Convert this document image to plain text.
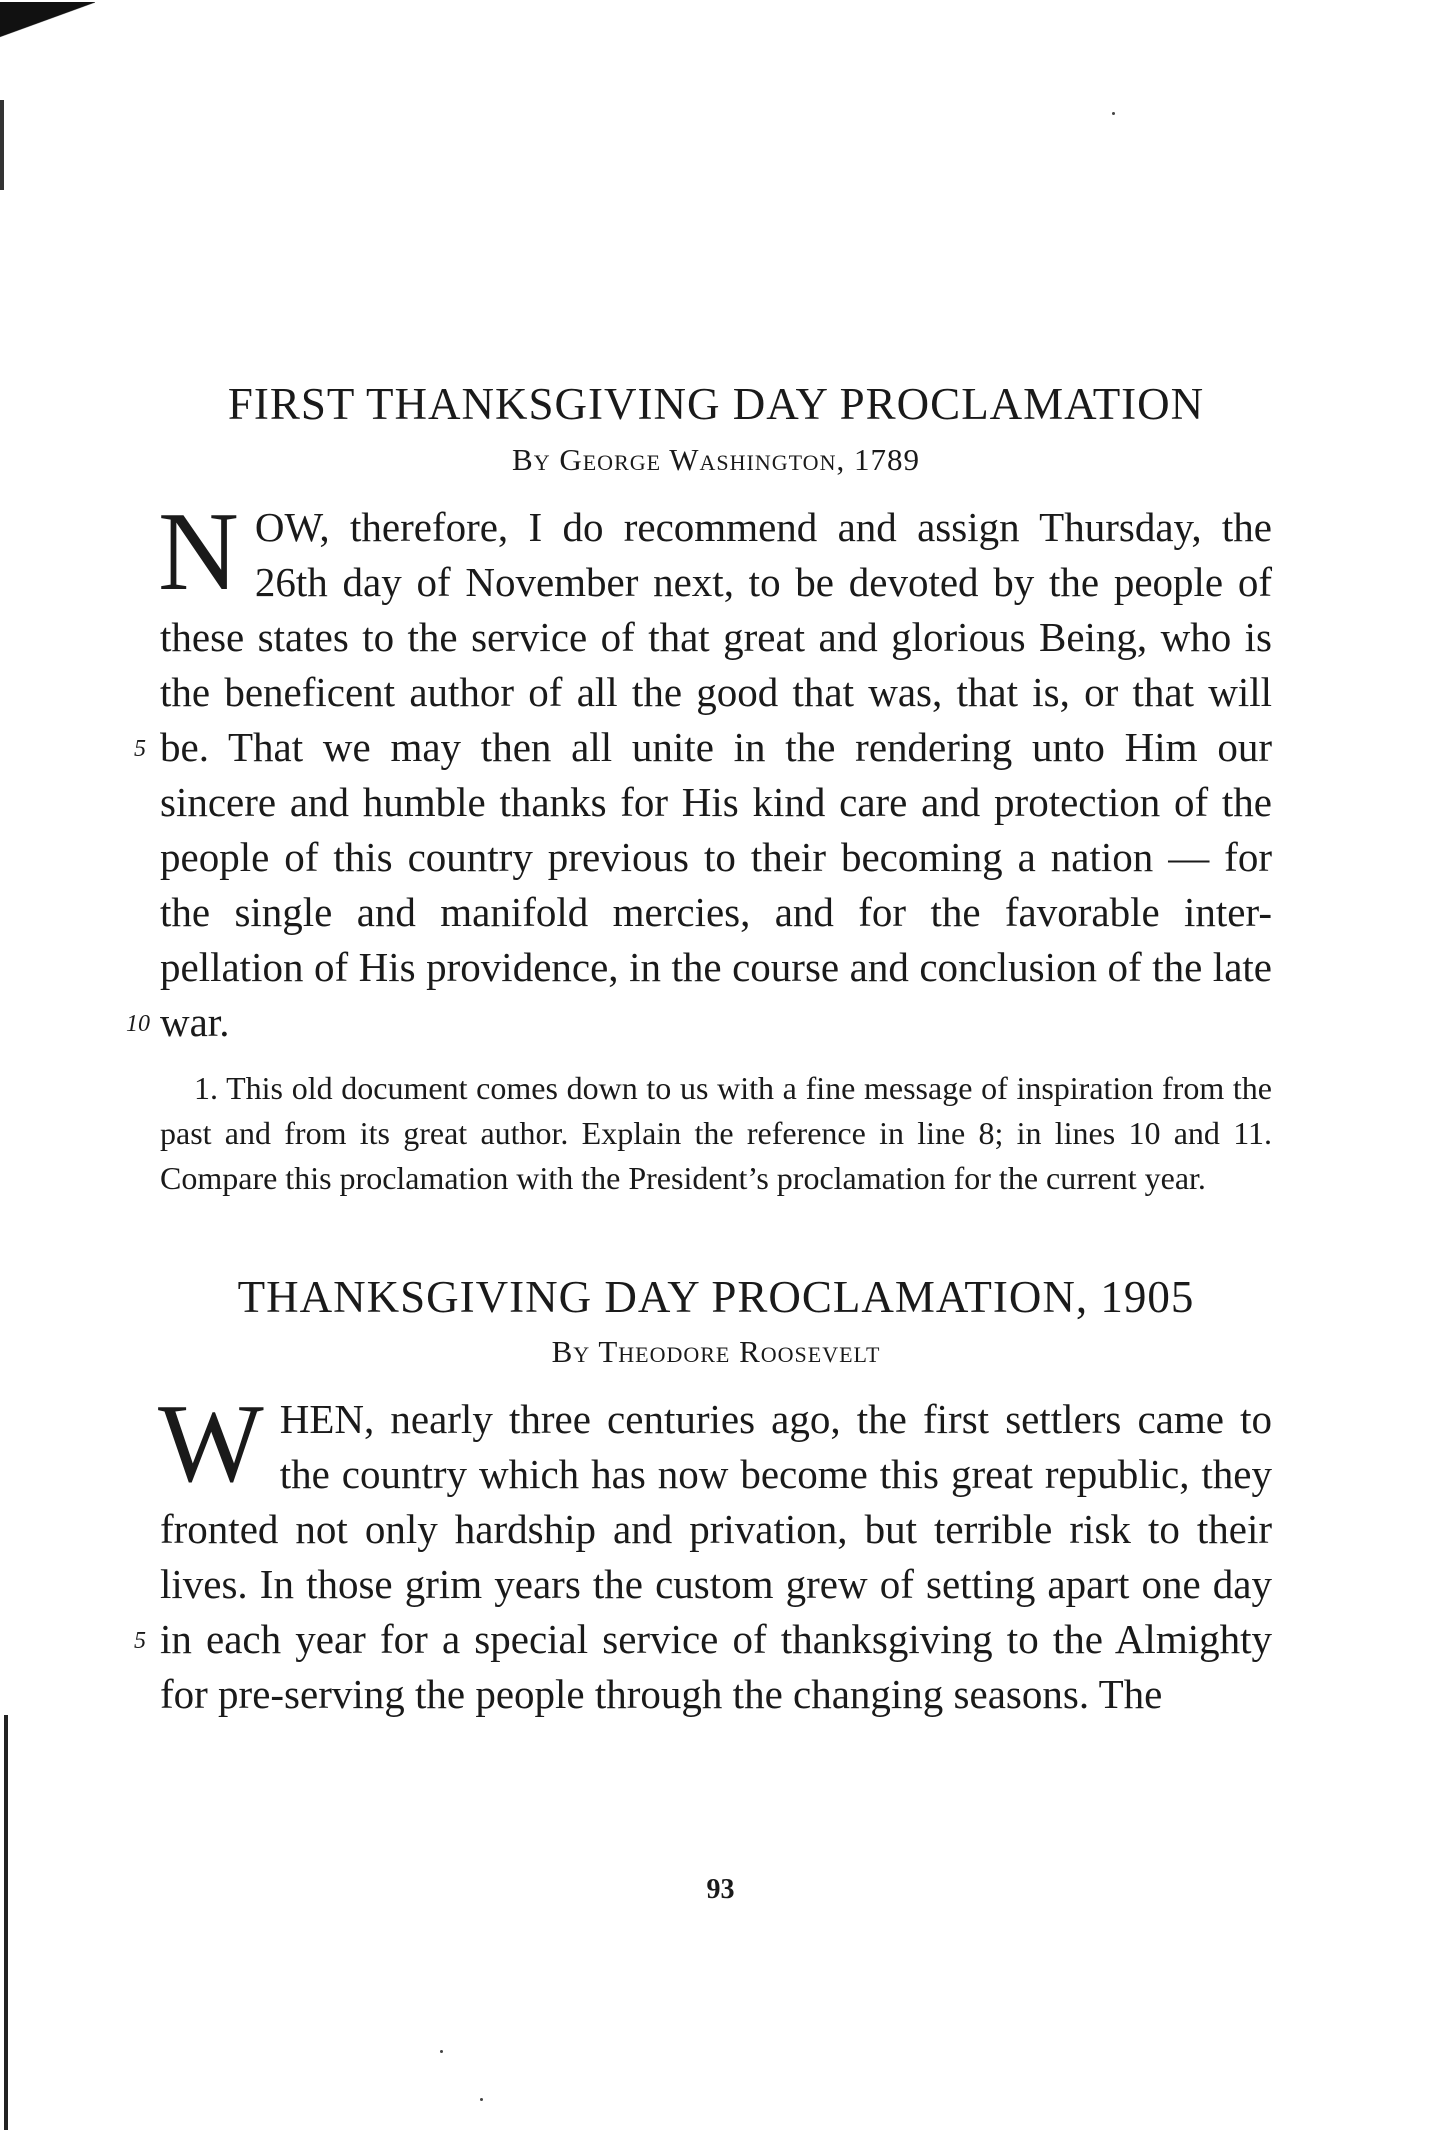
FIRST THANKSGIVING DAY PROCLAMATION
By George Washington, 1789

NOW, therefore, I do recommend and assign Thursday, the 26th day of November next, to be devoted by the people of these states to the service of that great and glorious Being, who is the beneficent author of all the good that was, that is, or that will be. That we may then all unite in the rendering unto Him our sincere and humble thanks for His kind care and protection of the people of this country previous to their becoming a nation — for the single and manifold mercies, and for the favorable inter-pellation of His providence, in the course and conclusion of the late war.
5
10

1. This old document comes down to us with a fine message of inspiration from the past and from its great author. Explain the reference in line 8; in lines 10 and 11. Compare this proclamation with the President’s proclamation for the current year.

THANKSGIVING DAY PROCLAMATION, 1905
By Theodore Roosevelt

WHEN, nearly three centuries ago, the first settlers came to the country which has now become this great republic, they fronted not only hardship and privation, but terrible risk to their lives. In those grim years the custom grew of setting apart one day in each year for a special service of thanksgiving to the Almighty for pre-serving the people through the changing seasons. The
5

93
